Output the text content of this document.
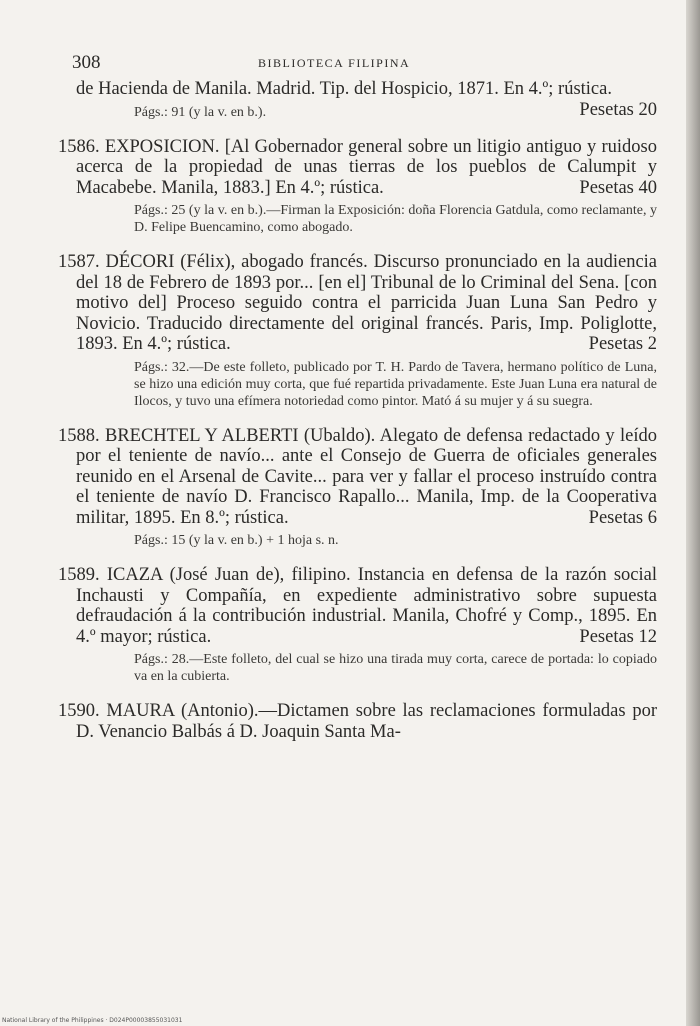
308	BIBLIOTECA FILIPINA

de Hacienda de Manila. Madrid. Tip. del Hospicio, 1871. En 4.º; rústica.
Pesetas 20

Págs.: 91 (y la v. en b.).

1586. EXPOSICION. [Al Gobernador general sobre un litigio antiguo y ruidoso acerca de la propiedad de unas tierras de los pueblos de Calumpit y Macabebe. Manila, 1883.] En 4.º; rústica.	Pesetas 40

Págs.: 25 (y la v. en b.).—Firman la Exposición: doña Florencia Gatdula, como reclamante, y D. Felipe Buencamino, como abogado.

1587. DÉCORI (Félix), abogado francés. Discurso pronunciado en la audiencia del 18 de Febrero de 1893 por... [en el] Tribunal de lo Criminal del Sena. [con motivo del] Proceso seguido contra el parricida Juan Luna San Pedro y Novicio. Traducido directamente del original francés. Paris, Imp. Poliglotte, 1893. En 4.º; rústica.	Pesetas 2

Págs.: 32.—De este folleto, publicado por T. H. Pardo de Tavera, hermano político de Luna, se hizo una edición muy corta, que fué repartida privadamente. Este Juan Luna era natural de Ilocos, y tuvo una efímera notoriedad como pintor. Mató á su mujer y á su suegra.

1588. BRECHTEL Y ALBERTI (Ubaldo). Alegato de defensa redactado y leído por el teniente de navío... ante el Consejo de Guerra de oficiales generales reunido en el Arsenal de Cavite... para ver y fallar el proceso instruído contra el teniente de navío D. Francisco Rapallo... Manila, Imp. de la Cooperativa militar, 1895. En 8.º; rústica.	Pesetas 6

Págs.: 15 (y la v. en b.) + 1 hoja s. n.

1589. ICAZA (José Juan de), filipino. Instancia en defensa de la razón social Inchausti y Compañía, en expediente administrativo sobre supuesta defraudación á la contribución industrial. Manila, Chofré y Comp., 1895. En 4.º mayor; rústica.	Pesetas 12

Págs.: 28.—Este folleto, del cual se hizo una tirada muy corta, carece de portada: lo copiado va en la cubierta.

1590. MAURA (Antonio).—Dictamen sobre las reclamaciones formuladas por D. Venancio Balbás á D. Joaquin Santa Ma-

National Library of the Philippines · D024P00003855031031
